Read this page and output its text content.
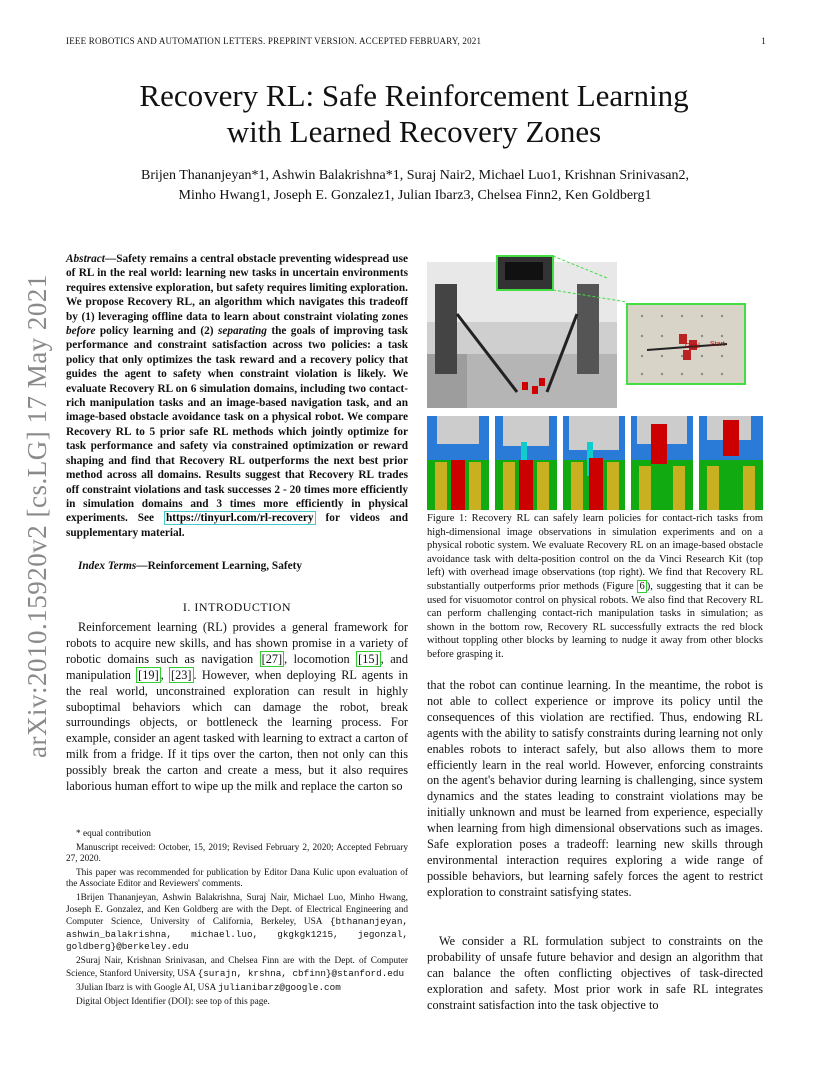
IEEE ROBOTICS AND AUTOMATION LETTERS. PREPRINT VERSION. ACCEPTED FEBRUARY, 2021	1
Recovery RL: Safe Reinforcement Learning
with Learned Recovery Zones
Brijen Thananjeyan*1, Ashwin Balakrishna*1, Suraj Nair2, Michael Luo1, Krishnan Srinivasan2,
Minho Hwang1, Joseph E. Gonzalez1, Julian Ibarz3, Chelsea Finn2, Ken Goldberg1
arXiv:2010.15920v2 [cs.LG] 17 May 2021
Abstract—Safety remains a central obstacle preventing widespread use of RL in the real world: learning new tasks in uncertain environments requires extensive exploration, but safety requires limiting exploration. We propose Recovery RL, an algorithm which navigates this tradeoff by (1) leveraging offline data to learn about constraint violating zones before policy learning and (2) separating the goals of improving task performance and constraint satisfaction across two policies: a task policy that only optimizes the task reward and a recovery policy that guides the agent to safety when constraint violation is likely. We evaluate Recovery RL on 6 simulation domains, including two contact-rich manipulation tasks and an image-based navigation task, and an image-based obstacle avoidance task on a physical robot. We compare Recovery RL to 5 prior safe RL methods which jointly optimize for task performance and safety via constrained optimization or reward shaping and find that Recovery RL outperforms the next best prior method across all domains. Results suggest that Recovery RL trades off constraint violations and task successes 2 - 20 times more efficiently in simulation domains and 3 times more efficiently in physical experiments. See https://tinyurl.com/rl-recovery for videos and supplementary material.
Index Terms—Reinforcement Learning, Safety
I. INTRODUCTION
Reinforcement learning (RL) provides a general framework for robots to acquire new skills, and has shown promise in a variety of robotic domains such as navigation [27] , locomotion [15] , and manipulation [19] , [23] . However, when deploying RL agents in the real world, unconstrained exploration can result in highly suboptimal behaviors which can damage the robot, break surroundings objects, or bottleneck the learning process. For example, consider an agent tasked with learning to extract a carton of milk from a fridge. If it tips over the carton, then not only can this possibly break the carton and create a mess, but it also requires laborious human effort to wipe up the milk and replace the carton so

* equal contribution

Manuscript received: October, 15, 2019; Revised February 2, 2020; Accepted February 27, 2020.

This paper was recommended for publication by Editor Dana Kulic upon evaluation of the Associate Editor and Reviewers' comments.

1Brijen Thananjeyan, Ashwin Balakrishna, Suraj Nair, Michael Luo, Minho Hwang, Joseph E. Gonzalez, and Ken Goldberg are with the Dept. of Electrical Engineering and Computer Science, University of California, Berkeley, USA {bthananjeyan, ashwin_balakrishna, michael.luo, gkgkgk1215, jegonzal, goldberg}@berkeley.edu

2Suraj Nair, Krishnan Srinivasan, and Chelsea Finn are with the Dept. of Computer Science, Stanford University, USA {surajn, krshna, cbfinn}@stanford.edu

3Julian Ibarz is with Google AI, USA julianibarz@google.com

Digital Object Identifier (DOI): see top of this page.

Goal Start
Figure 1: Recovery RL can safely learn policies for contact-rich tasks from high-dimensional image observations in simulation experiments and on a physical robotic system. We evaluate Recovery RL on an image-based obstacle avoidance task with delta-position control on the da Vinci Research Kit (top left) with overhead image observations (top right). We find that Recovery RL substantially outperforms prior methods (Figure 6 ), suggesting that it can be used for visuomotor control on physical robots. We also find that Recovery RL can perform challenging contact-rich manipulation tasks in simulation; as shown in the bottom row, Recovery RL successfully extracts the red block without toppling other blocks by learning to nudge it away from other blocks before grasping it.
that the robot can continue learning. In the meantime, the robot is not able to collect experience or improve its policy until the consequences of this violation are rectified. Thus, endowing RL agents with the ability to satisfy constraints during learning not only enables robots to interact safely, but also allows them to more efficiently learn in the real world. However, enforcing constraints on the agent's behavior during learning is challenging, since system dynamics and the states leading to constraint violations may be initially unknown and must be learned from experience, especially when learning from high dimensional observations such as images. Safe exploration poses a tradeoff: learning new skills through environmental interaction requires exploring a wide range of possible behaviors, but learning safely forces the agent to restrict exploration to constraint satisfying states.
We consider a RL formulation subject to constraints on the probability of unsafe future behavior and design an algorithm that can balance the often conflicting objectives of task-directed exploration and safety. Most prior work in safe RL integrates constraint satisfaction into the task objective to
